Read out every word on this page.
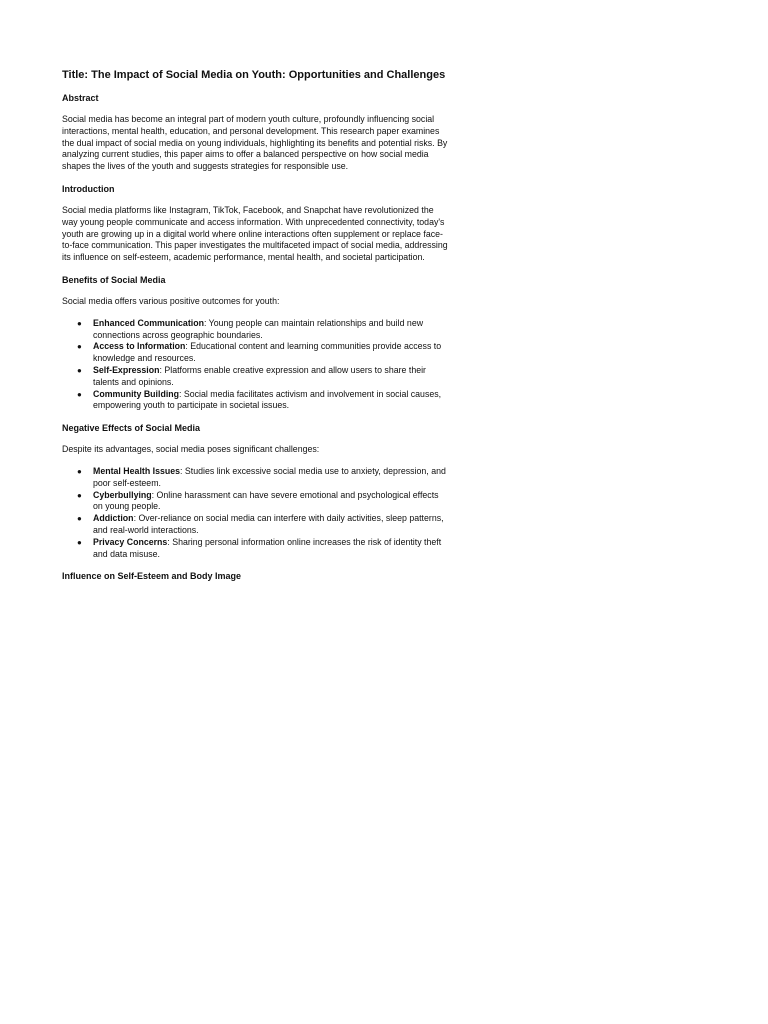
Title: The Impact of Social Media on Youth: Opportunities and Challenges
Abstract

Social media has become an integral part of modern youth culture, profoundly influencing social interactions, mental health, education, and personal development. This research paper examines the dual impact of social media on young individuals, highlighting its benefits and potential risks. By analyzing current studies, this paper aims to offer a balanced perspective on how social media shapes the lives of the youth and suggests strategies for responsible use.

Introduction

Social media platforms like Instagram, TikTok, Facebook, and Snapchat have revolutionized the way young people communicate and access information. With unprecedented connectivity, today's youth are growing up in a digital world where online interactions often supplement or replace face-to-face communication. This paper investigates the multifaceted impact of social media, addressing its influence on self-esteem, academic performance, mental health, and societal participation.

Benefits of Social Media

Social media offers various positive outcomes for youth:

● Enhanced Communication: Young people can maintain relationships and build new connections across geographic boundaries.
● Access to Information: Educational content and learning communities provide access to knowledge and resources.
● Self-Expression: Platforms enable creative expression and allow users to share their talents and opinions.
● Community Building: Social media facilitates activism and involvement in social causes, empowering youth to participate in societal issues.
Negative Effects of Social Media

Despite its advantages, social media poses significant challenges:

● Mental Health Issues: Studies link excessive social media use to anxiety, depression, and poor self-esteem.
● Cyberbullying: Online harassment can have severe emotional and psychological effects on young people.
● Addiction: Over-reliance on social media can interfere with daily activities, sleep patterns, and real-world interactions.
● Privacy Concerns: Sharing personal information online increases the risk of identity theft and data misuse.
Influence on Self-Esteem and Body Image
